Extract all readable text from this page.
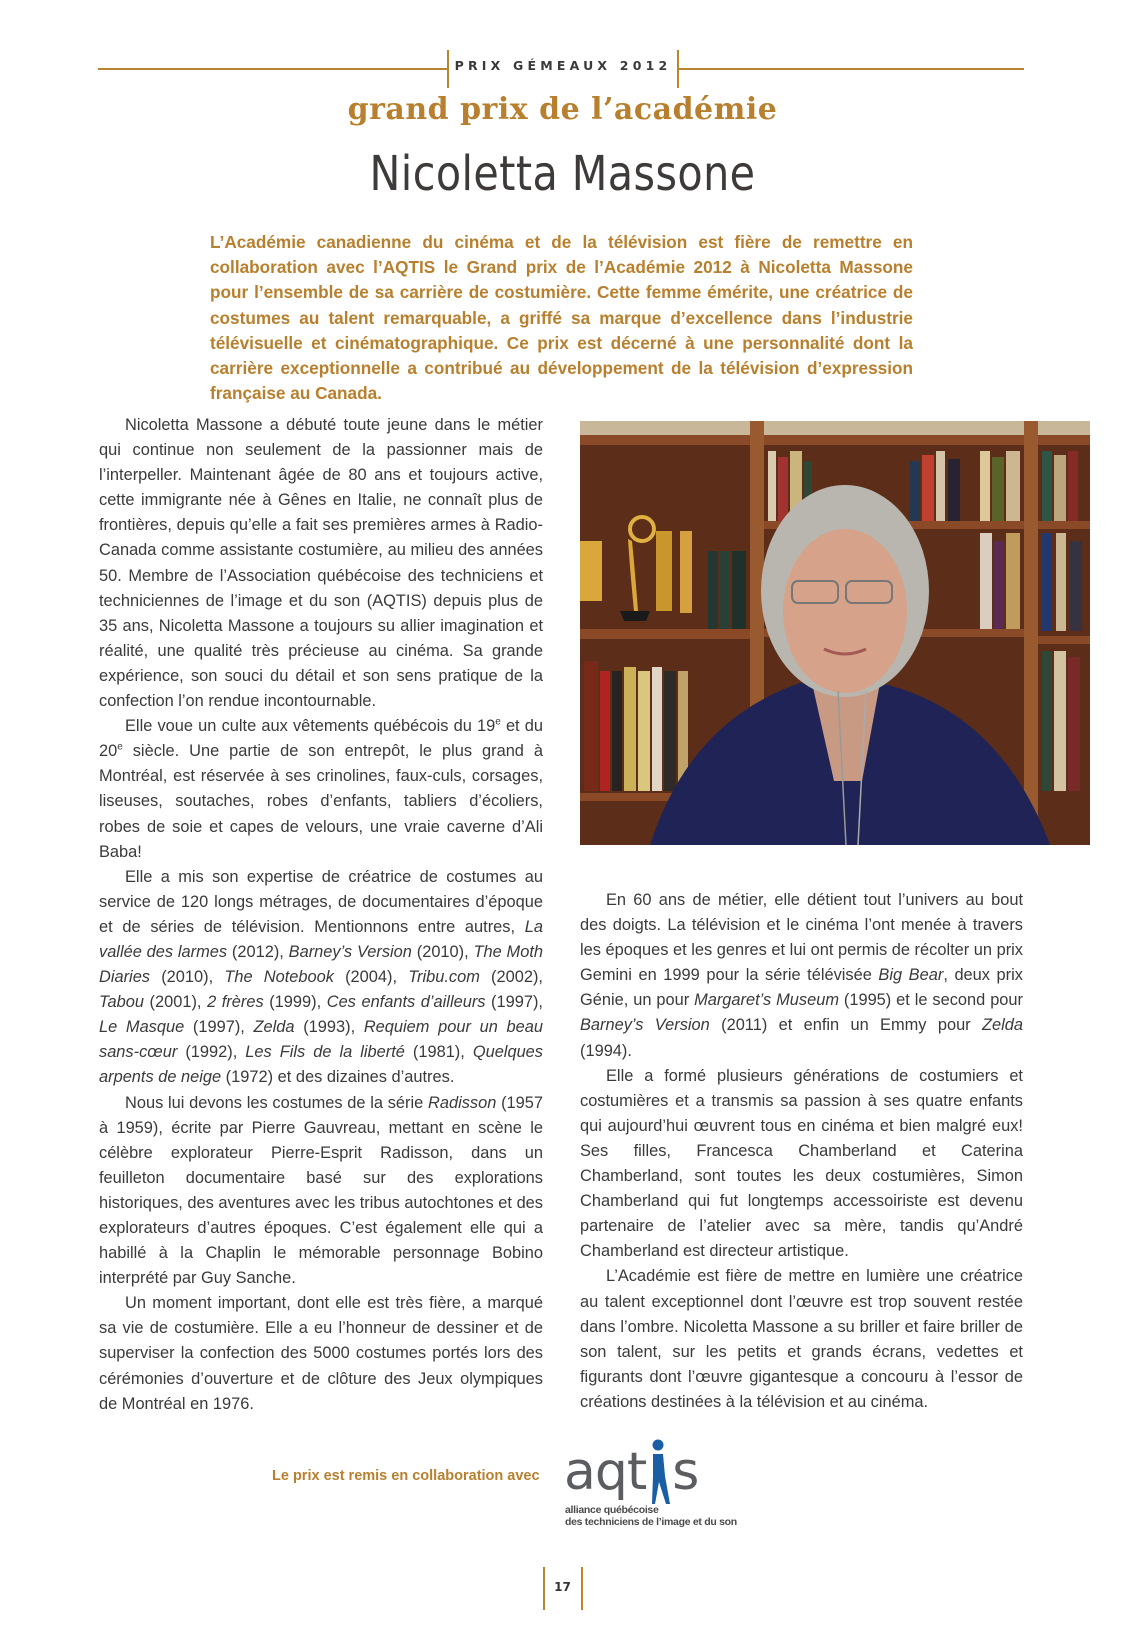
PRIX GÉMEAUX 2012
grand prix de l’académie
Nicoletta Massone
L’Académie canadienne du cinéma et de la télévision est fière de remettre en collaboration avec l’AQTIS le Grand prix de l’Académie 2012 à Nicoletta Massone pour l’ensemble de sa carrière de costumière. Cette femme émérite, une créatrice de costumes au talent remarquable, a griffé sa marque d’excellence dans l’industrie télévisuelle et cinématographique. Ce prix est décerné à une personnalité dont la carrière exceptionnelle a contribué au développement de la télévision d’expression française au Canada.

Nicoletta Massone a débuté toute jeune dans le métier qui continue non seulement de la passionner mais de l’interpeller. Maintenant âgée de 80 ans et toujours active, cette immigrante née à Gênes en Italie, ne connaît plus de frontières, depuis qu’elle a fait ses premières armes à Radio-Canada comme assistante costumière, au milieu des années 50. Membre de l’Association québécoise des techniciens et techniciennes de l’image et du son (AQTIS) depuis plus de 35 ans, Nicoletta Massone a toujours su allier imagination et réalité, une qualité très précieuse au cinéma. Sa grande expérience, son souci du détail et son sens pratique de la confection l’on rendue incontournable.

Elle voue un culte aux vêtements québécois du 19e et du 20e siècle. Une partie de son entrepôt, le plus grand à Montréal, est réservée à ses crinolines, faux-culs, corsages, liseuses, soutaches, robes d’enfants, tabliers d’écoliers, robes de soie et capes de velours, une vraie caverne d’Ali Baba!

Elle a mis son expertise de créatrice de costumes au service de 120 longs métrages, de documentaires d’époque et de séries de télévision. Mentionnons entre autres, La vallée des larmes (2012), Barney’s Version (2010), The Moth Diaries (2010), The Notebook (2004), Tribu.com (2002), Tabou (2001), 2 frères (1999), Ces enfants d’ailleurs (1997), Le Masque (1997), Zelda (1993), Requiem pour un beau sans-cœur (1992), Les Fils de la liberté (1981), Quelques arpents de neige (1972) et des dizaines d’autres.

Nous lui devons les costumes de la série Radisson (1957 à 1959), écrite par Pierre Gauvreau, mettant en scène le célèbre explorateur Pierre-Esprit Radisson, dans un feuilleton documentaire basé sur des explorations historiques, des aventures avec les tribus autochtones et des explorateurs d’autres époques. C’est également elle qui a habillé à la Chaplin le mémorable personnage Bobino interprété par Guy Sanche.

Un moment important, dont elle est très fière, a marqué sa vie de costumière. Elle a eu l’honneur de dessiner et de superviser la confection des 5000 costumes portés lors des cérémonies d’ouverture et de clôture des Jeux olympiques de Montréal en 1976.

En 60 ans de métier, elle détient tout l’univers au bout des doigts. La télévision et le cinéma l’ont menée à travers les époques et les genres et lui ont permis de récolter un prix Gemini en 1999 pour la série télévisée Big Bear, deux prix Génie, un pour Margaret’s Museum (1995) et le second pour Barney’s Version (2011) et enfin un Emmy pour Zelda (1994).

Elle a formé plusieurs générations de costumiers et costumières et a transmis sa passion à ses quatre enfants qui aujourd’hui œuvrent tous en cinéma et bien malgré eux! Ses filles, Francesca Chamberland et Caterina Chamberland, sont toutes les deux costumières, Simon Chamberland qui fut longtemps accessoiriste est devenu partenaire de l’atelier avec sa mère, tandis qu’André Chamberland est directeur artistique.

L’Académie est fière de mettre en lumière une créatrice au talent exceptionnel dont l’œuvre est trop souvent restée dans l’ombre. Nicoletta Massone a su briller et faire briller de son talent, sur les petits et grands écrans, vedettes et figurants dont l’œuvre gigantesque a concouru à l’essor de créations destinées à la télévision et au cinéma.

Le prix est remis en collaboration avec aqt s
alliance québécoise
des techniciens de l’image et du son
17
